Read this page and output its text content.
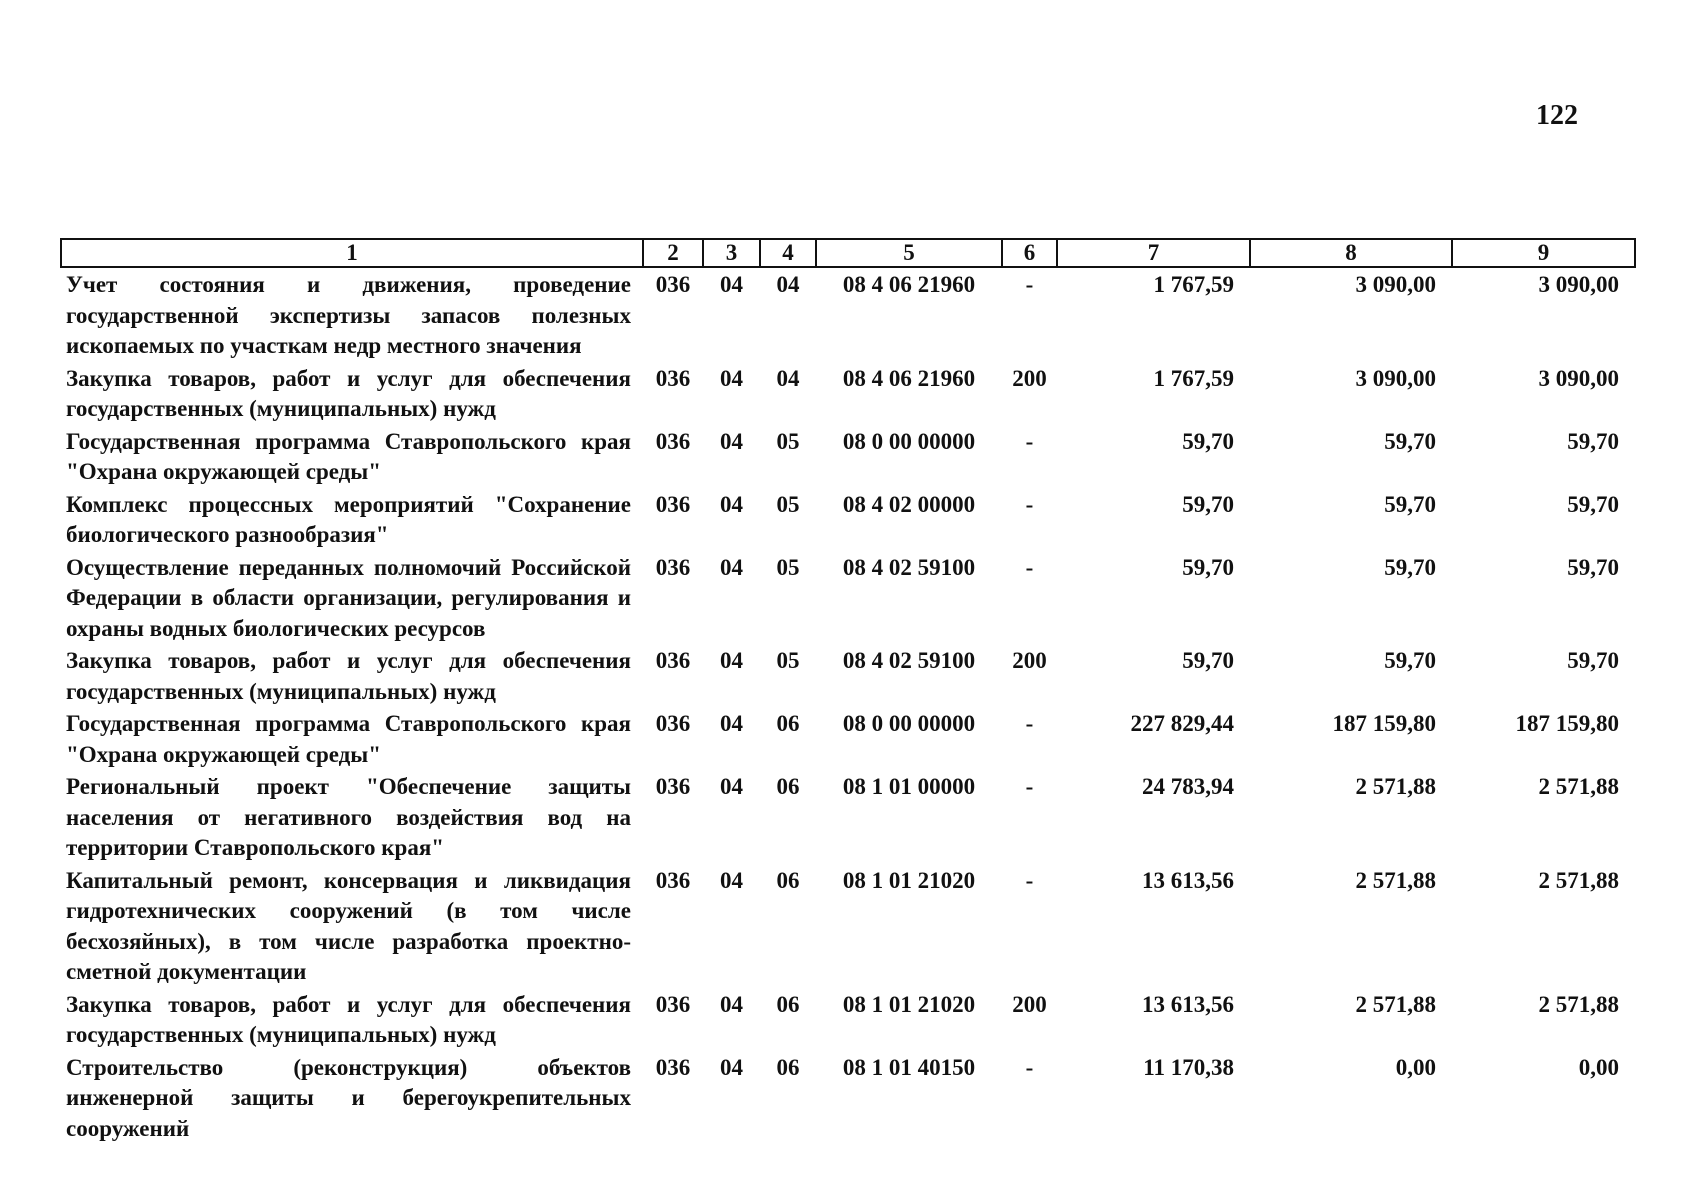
122
1	2	3	4	5	6	7	8	9
Учет состояния и движения, проведение государственной экспертизы запасов полезных ископаемых по участкам недр местного значения	036	04	04	08 4 06 21960	-	1 767,59	3 090,00	3 090,00
Закупка товаров, работ и услуг для обеспечения государственных (муниципальных) нужд	036	04	04	08 4 06 21960	200	1 767,59	3 090,00	3 090,00
Государственная программа Ставропольского края "Охрана окружающей среды"	036	04	05	08 0 00 00000	-	59,70	59,70	59,70
Комплекс процессных мероприятий "Сохранение биологического разнообразия"	036	04	05	08 4 02 00000	-	59,70	59,70	59,70
Осуществление переданных полномочий Российской Федерации в области организации, регулирования и охраны водных биологических ресурсов	036	04	05	08 4 02 59100	-	59,70	59,70	59,70
Закупка товаров, работ и услуг для обеспечения государственных (муниципальных) нужд	036	04	05	08 4 02 59100	200	59,70	59,70	59,70
Государственная программа Ставропольского края "Охрана окружающей среды"	036	04	06	08 0 00 00000	-	227 829,44	187 159,80	187 159,80
Региональный проект "Обеспечение защиты населения от негативного воздействия вод на территории Ставропольского края"	036	04	06	08 1 01 00000	-	24 783,94	2 571,88	2 571,88
Капитальный ремонт, консервация и ликвидация гидротехнических сооружений (в том числе бесхозяйных), в том числе разработка проектно-сметной документации	036	04	06	08 1 01 21020	-	13 613,56	2 571,88	2 571,88
Закупка товаров, работ и услуг для обеспечения государственных (муниципальных) нужд	036	04	06	08 1 01 21020	200	13 613,56	2 571,88	2 571,88
Строительство (реконструкция) объектов инженерной защиты и берегоукрепительных сооружений	036	04	06	08 1 01 40150	-	11 170,38	0,00	0,00
